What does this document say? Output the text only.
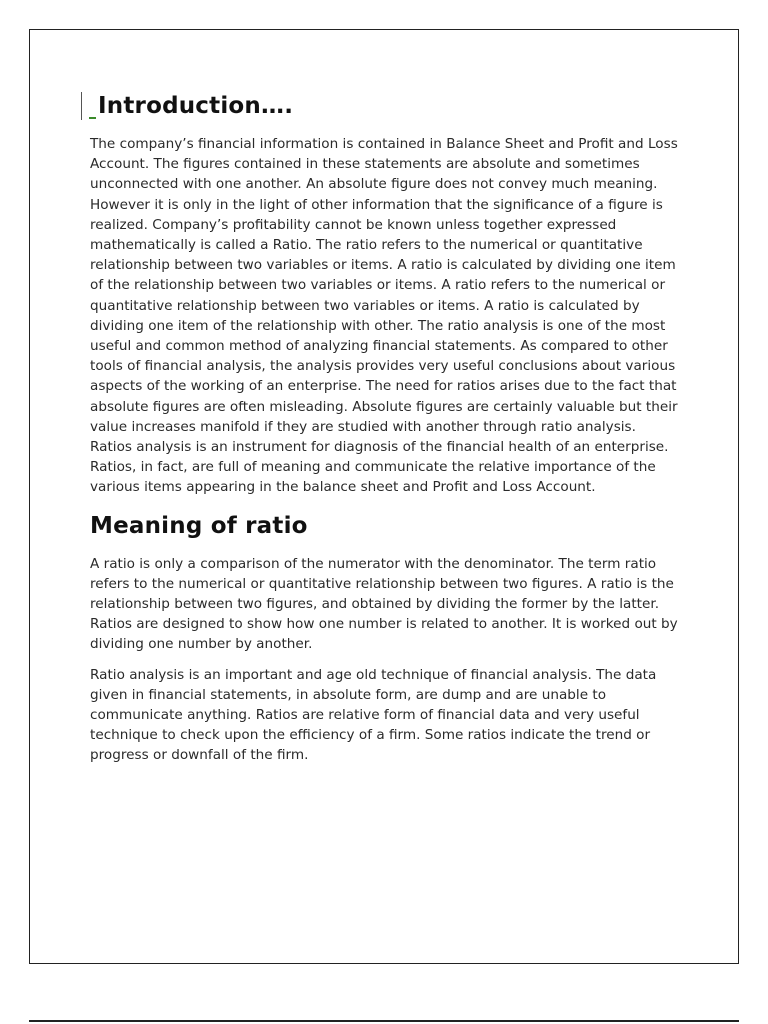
Introduction….

The company’s financial information is contained in Balance Sheet and Profit and Loss Account. The figures contained in these statements are absolute and sometimes unconnected with one another. An absolute figure does not convey much meaning. However it is only in the light of other information that the significance of a figure is realized. Company’s profitability cannot be known unless together expressed mathematically is called a Ratio. The ratio refers to the numerical or quantitative relationship between two variables or items. A ratio is calculated by dividing one item of the relationship between two variables or items. A ratio refers to the numerical or quantitative relationship between two variables or items. A ratio is calculated by dividing one item of the relationship with other. The ratio analysis is one of the most useful and common method of analyzing financial statements. As compared to other tools of financial analysis, the analysis provides very useful conclusions about various aspects of the working of an enterprise. The need for ratios arises due to the fact that absolute figures are often misleading. Absolute figures are certainly valuable but their value increases manifold if they are studied with another through ratio analysis. Ratios analysis is an instrument for diagnosis of the financial health of an enterprise. Ratios, in fact, are full of meaning and communicate the relative importance of the various items appearing in the balance sheet and Profit and Loss Account.

Meaning of ratio

A ratio is only a comparison of the numerator with the denominator. The term ratio refers to the numerical or quantitative relationship between two figures. A ratio is the relationship between two figures, and obtained by dividing the former by the latter. Ratios are designed to show how one number is related to another. It is worked out by dividing one number by another.

Ratio analysis is an important and age old technique of financial analysis. The data given in financial statements, in absolute form, are dump and are unable to communicate anything. Ratios are relative form of financial data and very useful technique to check upon the efficiency of a firm. Some ratios indicate the trend or progress or downfall of the firm.
